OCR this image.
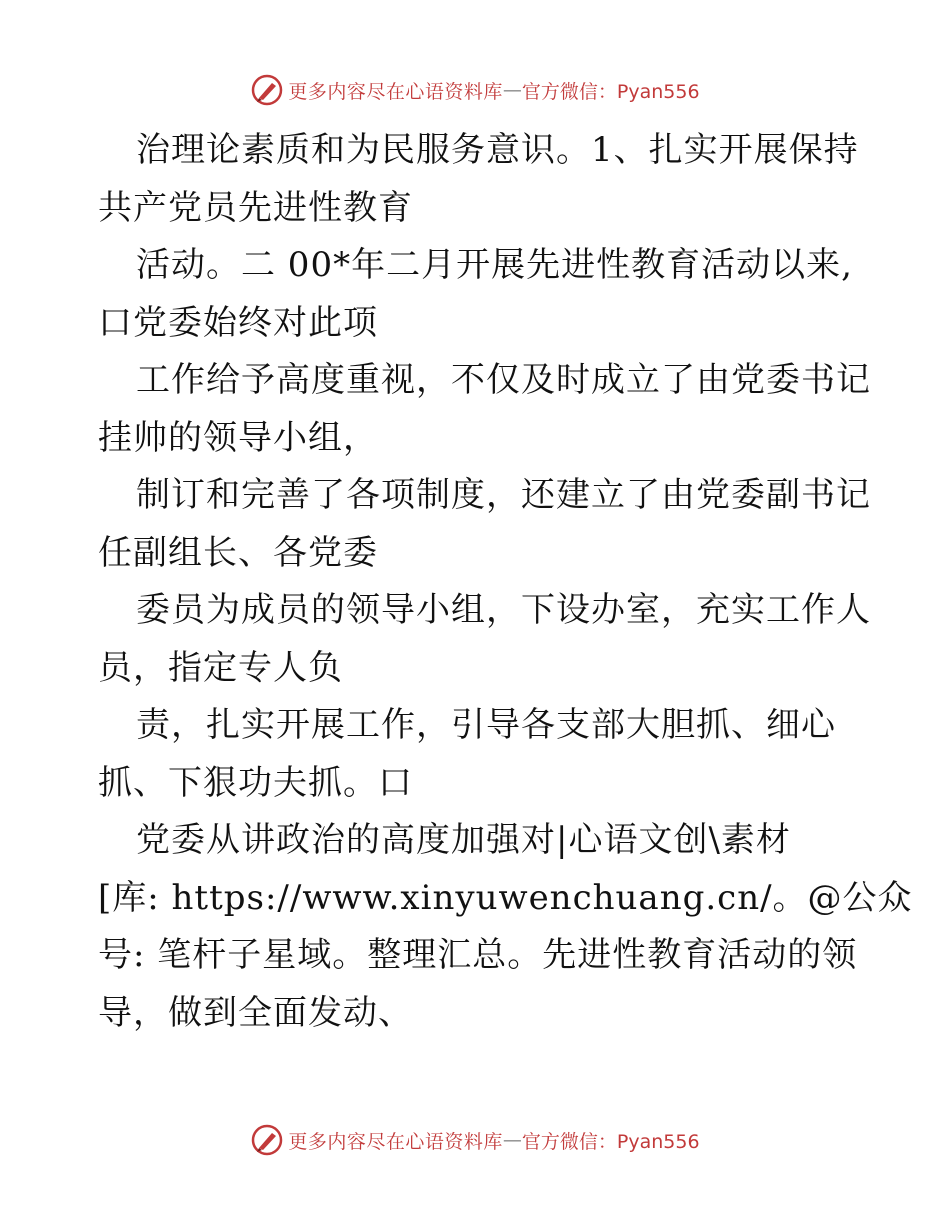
更多内容尽在心语资料库 — 官方微信：Pyan556
治理论素质和为民服务意识。1、扎实开展保持
共产党员先进性教育
活动。二 00*年二月开展先进性教育活动以来,
口党委始终对此项
工作给予高度重视，不仅及时成立了由党委书记
挂帅的领导小组，
制订和完善了各项制度，还建立了由党委副书记
任副组长、各党委
委员为成员的领导小组，下设办室，充实工作人
员，指定专人负
责，扎实开展工作，引导各支部大胆抓、细心
抓、下狠功夫抓。口
党委从讲政治的高度加强对|心语文创\素材
[库: https://www.xinyuwenchuang.cn/。@公众
号: 笔杆子星域。整理汇总。先进性教育活动的领
导，做到全面发动、
更多内容尽在心语资料库 — 官方微信：Pyan556
